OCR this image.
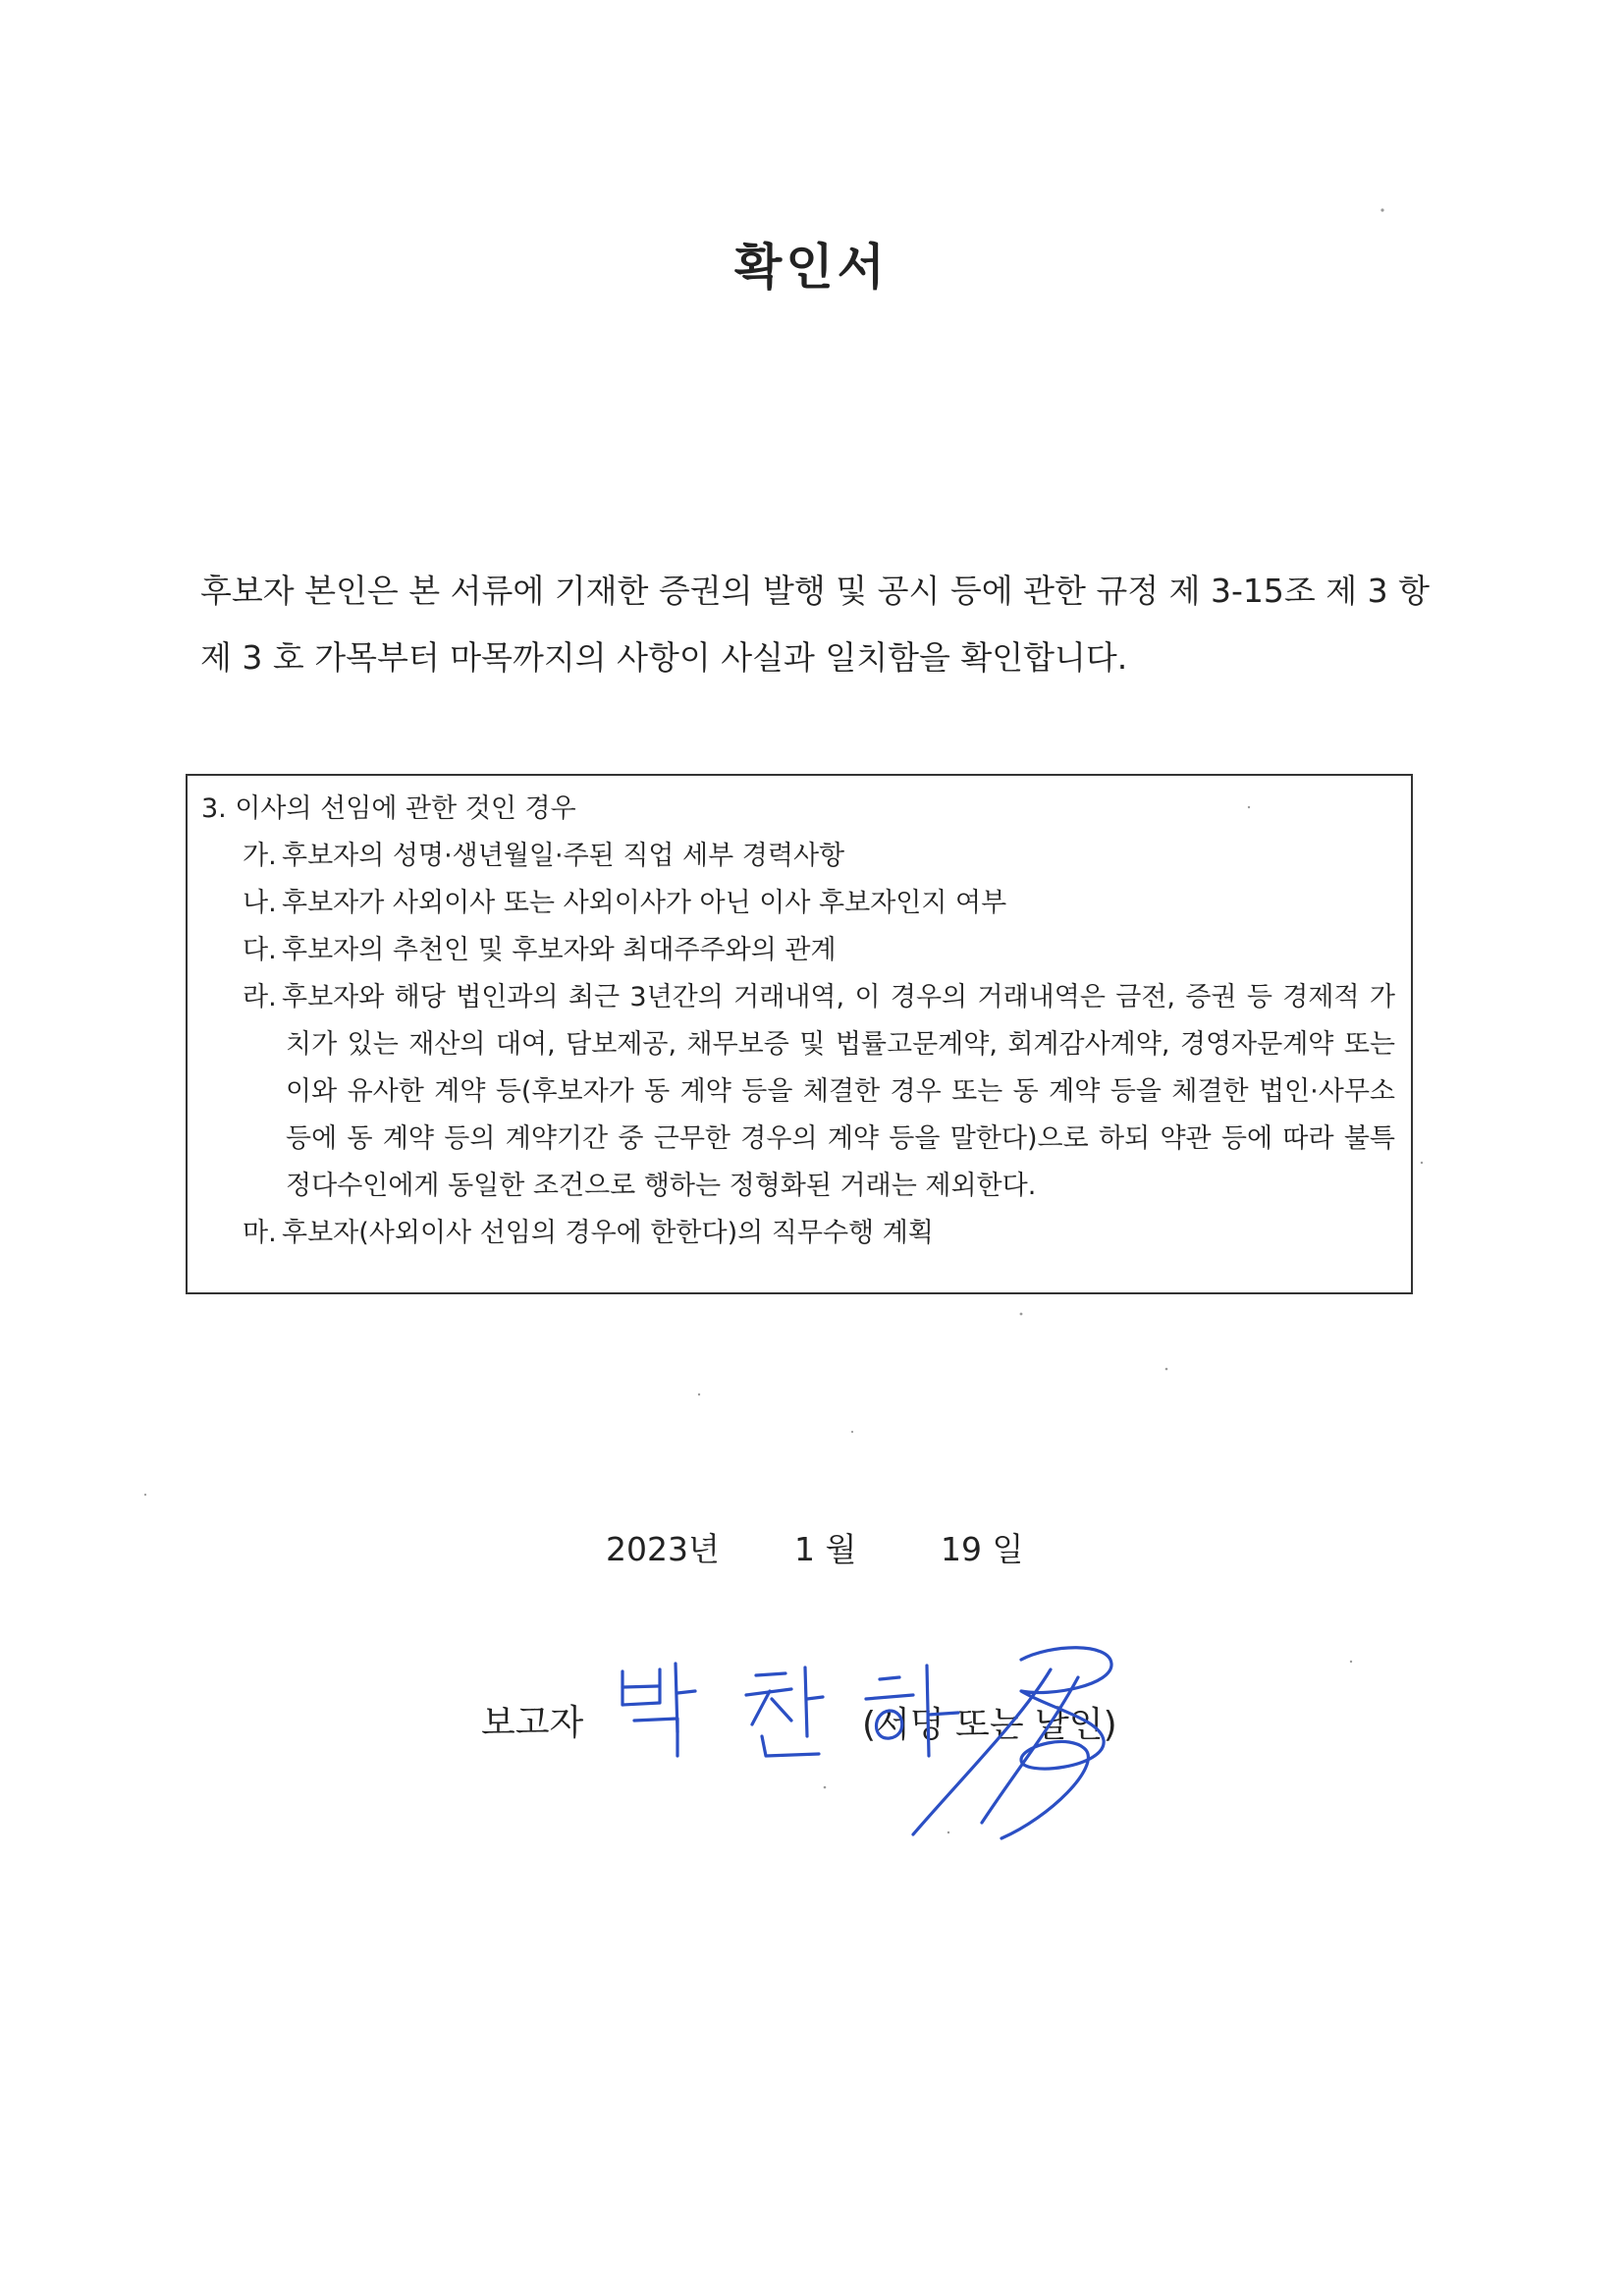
확인서
후보자 본인은 본 서류에 기재한 증권의 발행 및 공시 등에 관한 규정 제 3-15조 제 3 항 제 3 호 가목부터 마목까지의 사항이 사실과 일치함을 확인합니다.
3. 이사의 선임에 관한 것인 경우
가. 후보자의 성명·생년월일·주된 직업 세부 경력사항
나. 후보자가 사외이사 또는 사외이사가 아닌 이사 후보자인지 여부
다. 후보자의 추천인 및 후보자와 최대주주와의 관계
라. 후보자와 해당 법인과의 최근 3년간의 거래내역, 이 경우의 거래내역은 금전, 증권 등 경제적 가치가 있는 재산의 대여, 담보제공, 채무보증 및 법률고문계약, 회계감사계약, 경영자문계약 또는 이와 유사한 계약 등(후보자가 동 계약 등을 체결한 경우 또는 동 계약 등을 체결한 법인·사무소 등에 동 계약 등의 계약기간 중 근무한 경우의 계약 등을 말한다)으로 하되 약관 등에 따라 불특정다수인에게 동일한 조건으로 행하는 정형화된 거래는 제외한다.
마. 후보자(사외이사 선임의 경우에 한한다)의 직무수행 계획
2023년 1 월	19 일
보고자	(서명 또는 날인)
